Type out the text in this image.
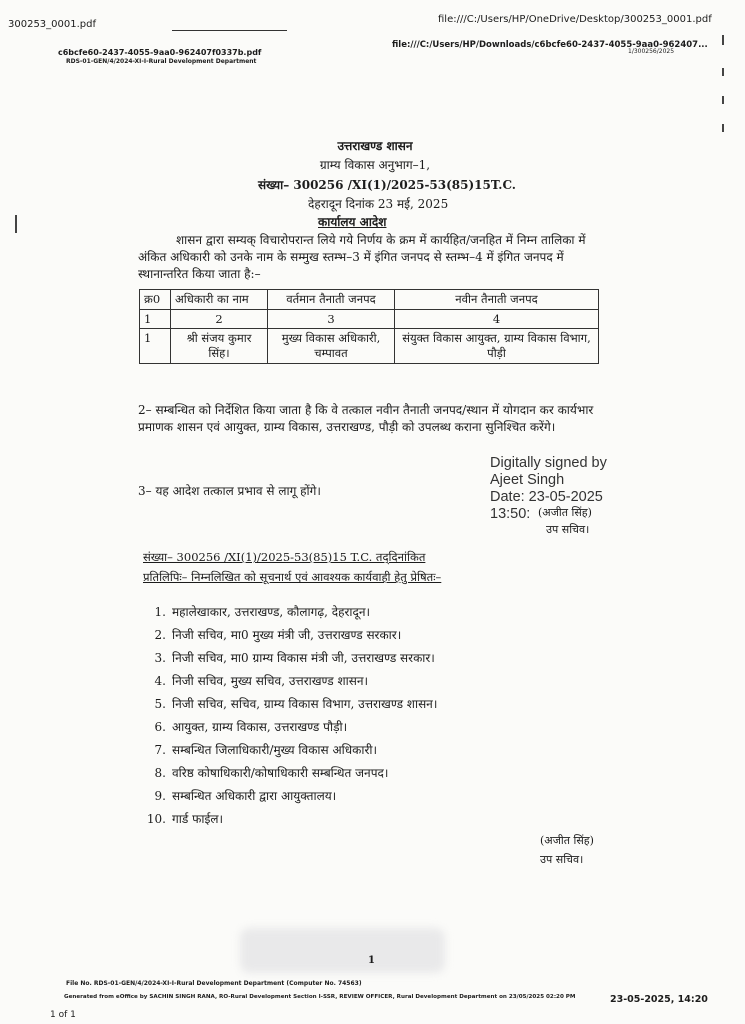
300253_0001.pdf	file:///C:/Users/HP/OneDrive/Desktop/300253_0001.pdf
c6bcfe60-2437-4055-9aa0-962407f0337b.pdf
RDS-01-GEN/4/2024-XI-I-Rural Development Department
file:///C:/Users/HP/Downloads/c6bcfe60-2437-4055-9aa0-962407...
1/300256/2025
उत्तराखण्ड शासन
ग्राम्य विकास अनुभाग–1,
संख्या– 300256 /XI(1)/2025-53(85)15T.C.
देहरादून दिनांक 23 मई, 2025
कार्यालय आदेश
शासन द्वारा सम्यक् विचारोपरान्त लिये गये निर्णय के क्रम में कार्यहित/जनहित में निम्न तालिका में अंकित अधिकारी को उनके नाम के सम्मुख स्तम्भ–3 में इंगित जनपद से स्तम्भ–4 में इंगित जनपद में स्थानान्तरित किया जाता है:–
क्र0	अधिकारी का नाम	वर्तमान तैनाती जनपद	नवीन तैनाती जनपद
1	2	3	4
1	श्री संजय कुमार सिंह।	मुख्य विकास अधिकारी, चम्पावत	संयुक्त विकास आयुक्त, ग्राम्य विकास विभाग, पौड़ी
2– सम्बन्धित को निर्देशित किया जाता है कि वे तत्काल नवीन तैनाती जनपद/स्थान में योगदान कर कार्यभार प्रमाणक शासन एवं आयुक्त, ग्राम्य विकास, उत्तराखण्ड, पौड़ी को उपलब्ध कराना सुनिश्चित करेंगे।
3– यह आदेश तत्काल प्रभाव से लागू होंगे।
Digitally signed by
Ajeet Singh
Date: 23-05-2025
13:50: (अजीत सिंह)
उप सचिव।
संख्या– 300256 /XI(1)/2025-53(85)15 T.C. तद्‌दिनांकित
प्रतिलिपिः– निम्नलिखित को सूचनार्थ एवं आवश्यक कार्यवाही हेतु प्रेषितः–
1. महालेखाकार, उत्तराखण्ड, कौलागढ़, देहरादून।
2. निजी सचिव, मा0 मुख्य मंत्री जी, उत्तराखण्ड सरकार।
3. निजी सचिव, मा0 ग्राम्य विकास मंत्री जी, उत्तराखण्ड सरकार।
4. निजी सचिव, मुख्य सचिव, उत्तराखण्ड शासन।
5. निजी सचिव, सचिव, ग्राम्य विकास विभाग, उत्तराखण्ड शासन।
6. आयुक्त, ग्राम्य विकास, उत्तराखण्ड पौड़ी।
7. सम्बन्धित जिलाधिकारी/मुख्य विकास अधिकारी।
8. वरिष्ठ कोषाधिकारी/कोषाधिकारी सम्बन्धित जनपद।
9. सम्बन्धित अधिकारी द्वारा आयुक्तालय।
10. गार्ड फाईल।
(अजीत सिंह)
उप सचिव।
1
File No. RDS-01-GEN/4/2024-XI-I-Rural Development Department (Computer No. 74563)
Generated from eOffice by SACHIN SINGH RANA, RO-Rural Development Section I-SSR, REVIEW OFFICER, Rural Development Department on 23/05/2025 02:20 PM	23-05-2025, 14:20
1 of 1
